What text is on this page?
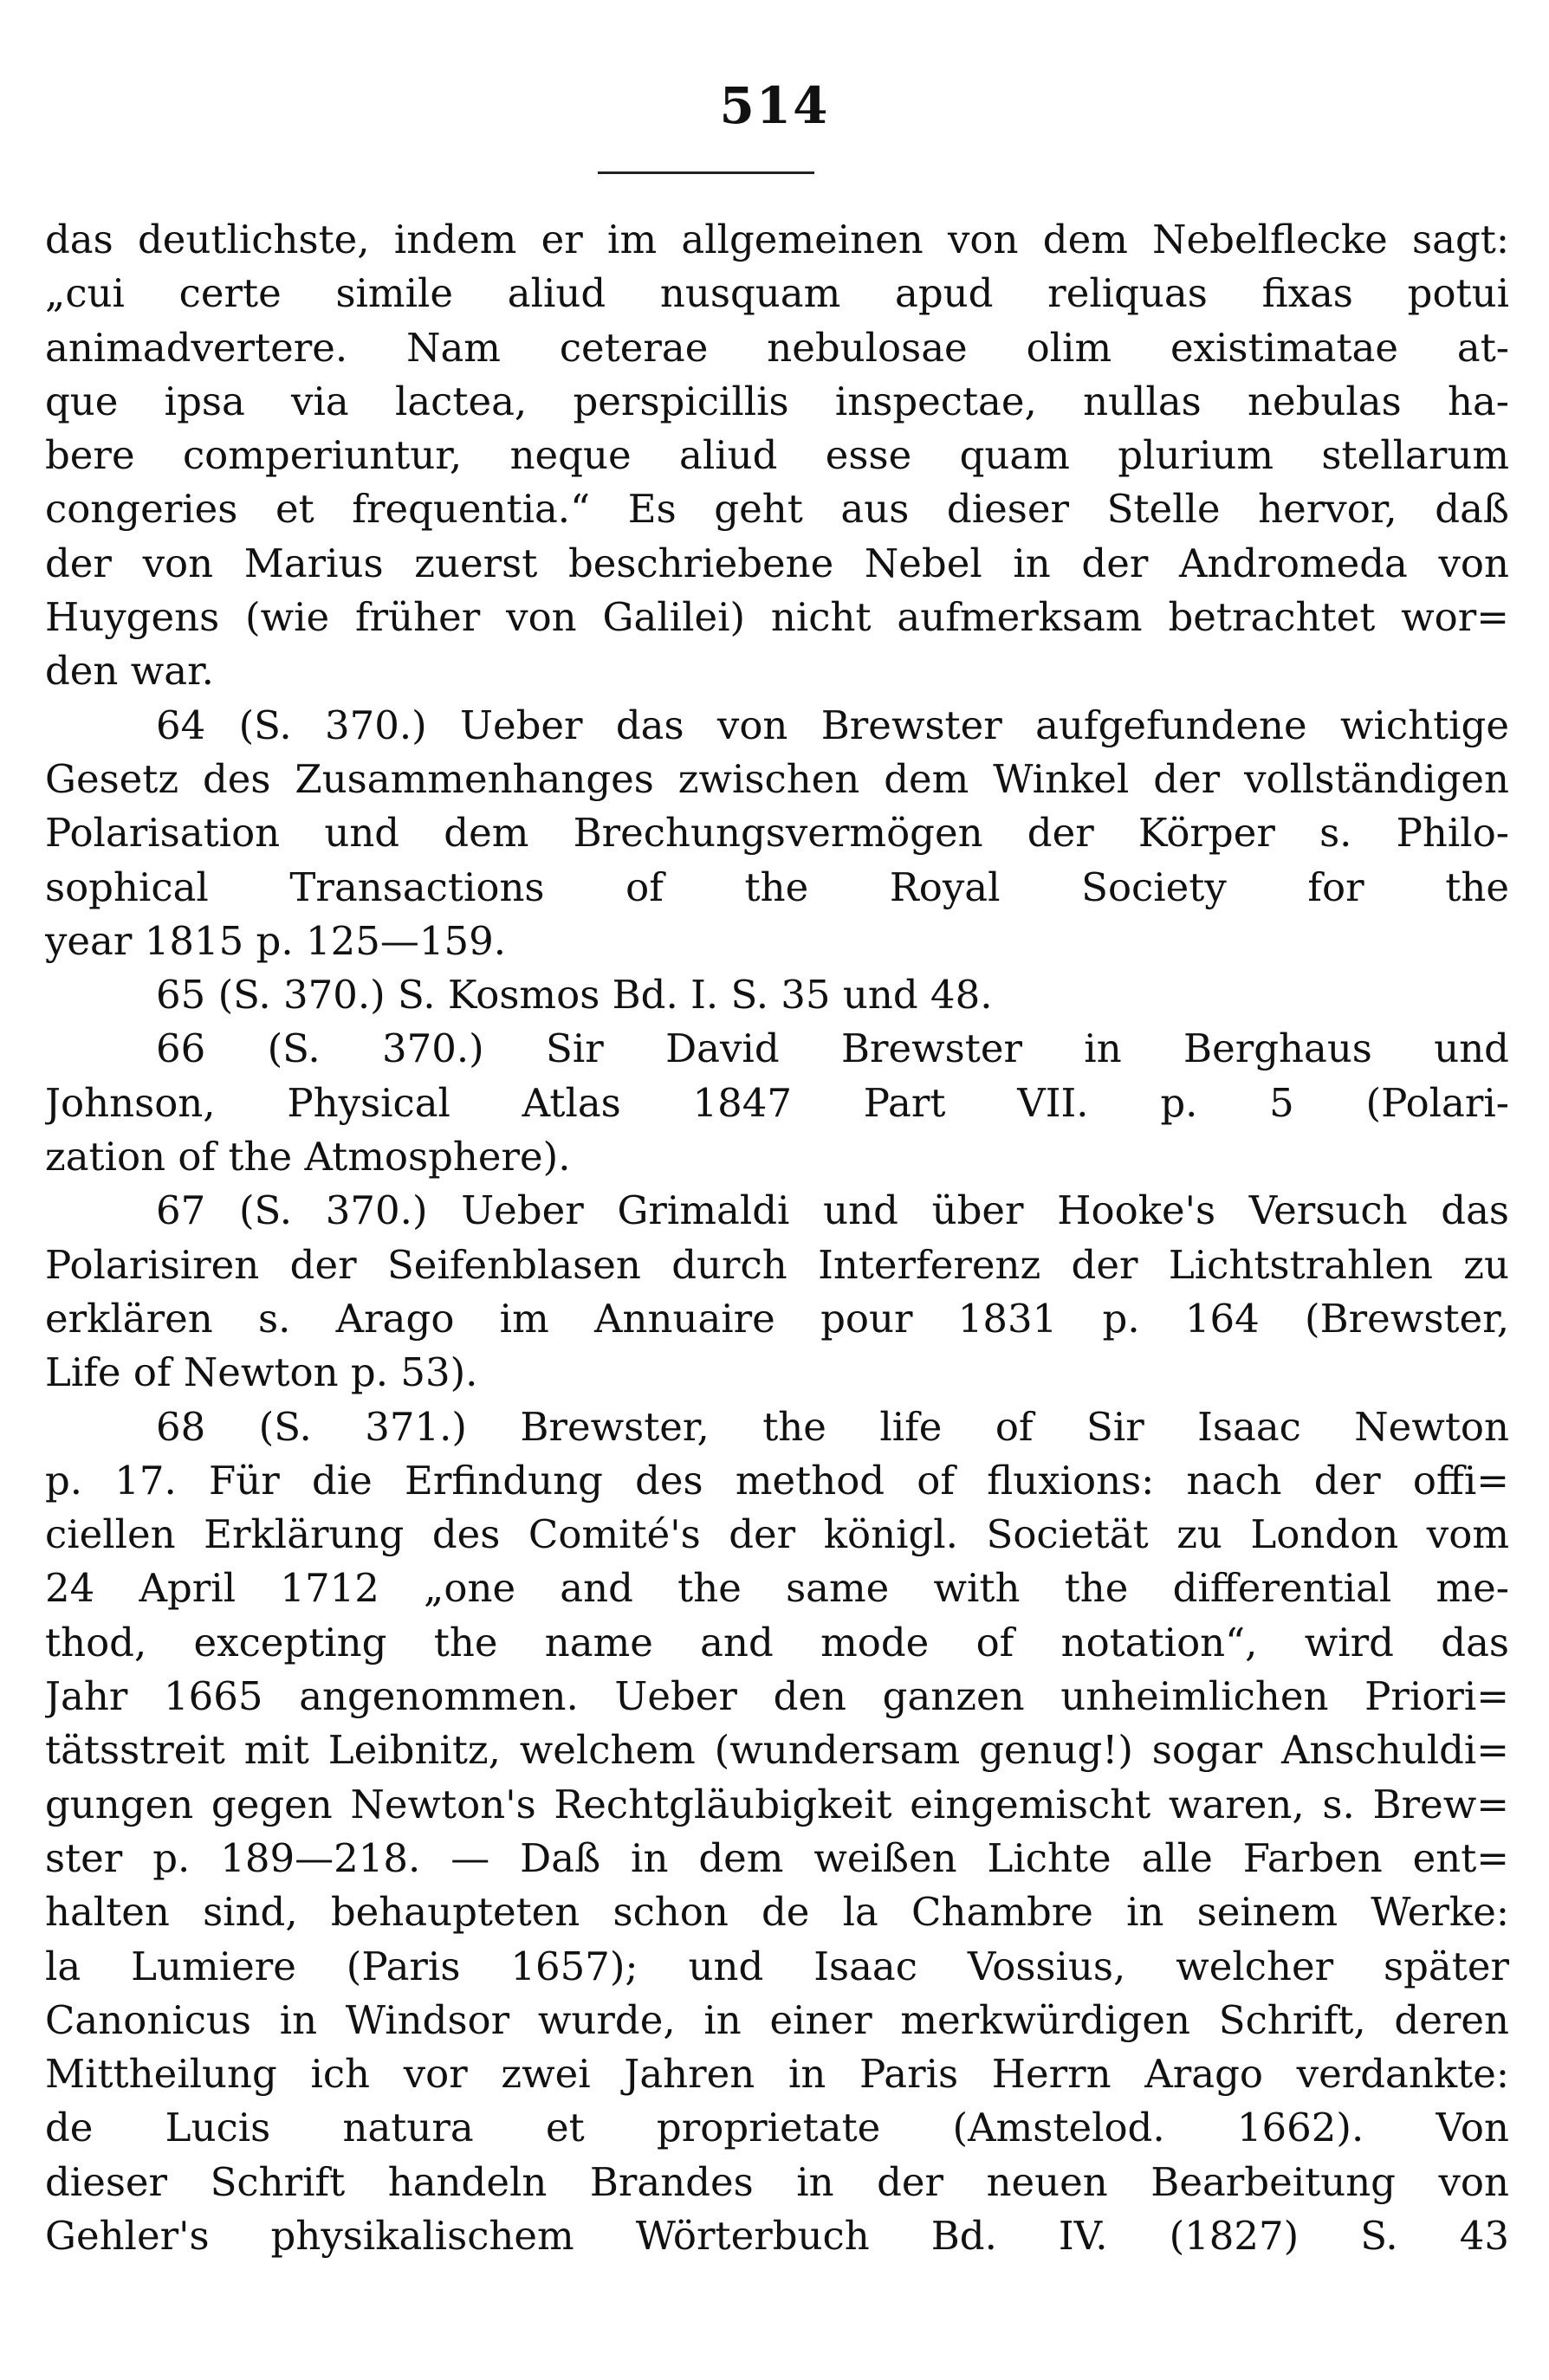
514
das deutlichste, indem er im allgemeinen von dem Nebelflecke sagt:
„cui certe simile aliud nusquam apud reliquas fixas potui
animadvertere. Nam ceterae nebulosae olim existimatae at-
que ipsa via lactea, perspicillis inspectae, nullas nebulas ha-
bere comperiuntur, neque aliud esse quam plurium stellarum
congeries et frequentia.“ Es geht aus dieser Stelle hervor, daß
der von Marius zuerst beschriebene Nebel in der Andromeda von
Huygens (wie früher von Galilei) nicht aufmerksam betrachtet wor=
den war.
64 (S. 370.) Ueber das von Brewster aufgefundene wichtige
Gesetz des Zusammenhanges zwischen dem Winkel der vollständigen
Polarisation und dem Brechungsvermögen der Körper s. Philo-
sophical Transactions of the Royal Society for the
year 1815 p. 125—159.
65 (S. 370.) S. Kosmos Bd. I. S. 35 und 48.
66 (S. 370.) Sir David Brewster in Berghaus und
Johnson, Physical Atlas 1847 Part VII. p. 5 (Polari-
zation of the Atmosphere).
67 (S. 370.) Ueber Grimaldi und über Hooke's Versuch das
Polarisiren der Seifenblasen durch Interferenz der Lichtstrahlen zu
erklären s. Arago im Annuaire pour 1831 p. 164 (Brewster,
Life of Newton p. 53).
68 (S. 371.) Brewster, the life of Sir Isaac Newton
p. 17. Für die Erfindung des method of fluxions: nach der offi=
ciellen Erklärung des Comité's der königl. Societät zu London vom
24 April 1712 „one and the same with the differential me-
thod, excepting the name and mode of notation“, wird das
Jahr 1665 angenommen. Ueber den ganzen unheimlichen Priori=
tätsstreit mit Leibnitz, welchem (wundersam genug!) sogar Anschuldi=
gungen gegen Newton's Rechtgläubigkeit eingemischt waren, s. Brew=
ster p. 189—218. — Daß in dem weißen Lichte alle Farben ent=
halten sind, behaupteten schon de la Chambre in seinem Werke:
la Lumiere (Paris 1657); und Isaac Vossius, welcher später
Canonicus in Windsor wurde, in einer merkwürdigen Schrift, deren
Mittheilung ich vor zwei Jahren in Paris Herrn Arago verdankte:
de Lucis natura et proprietate (Amstelod. 1662). Von
dieser Schrift handeln Brandes in der neuen Bearbeitung von
Gehler's physikalischem Wörterbuch Bd. IV. (1827) S. 43
